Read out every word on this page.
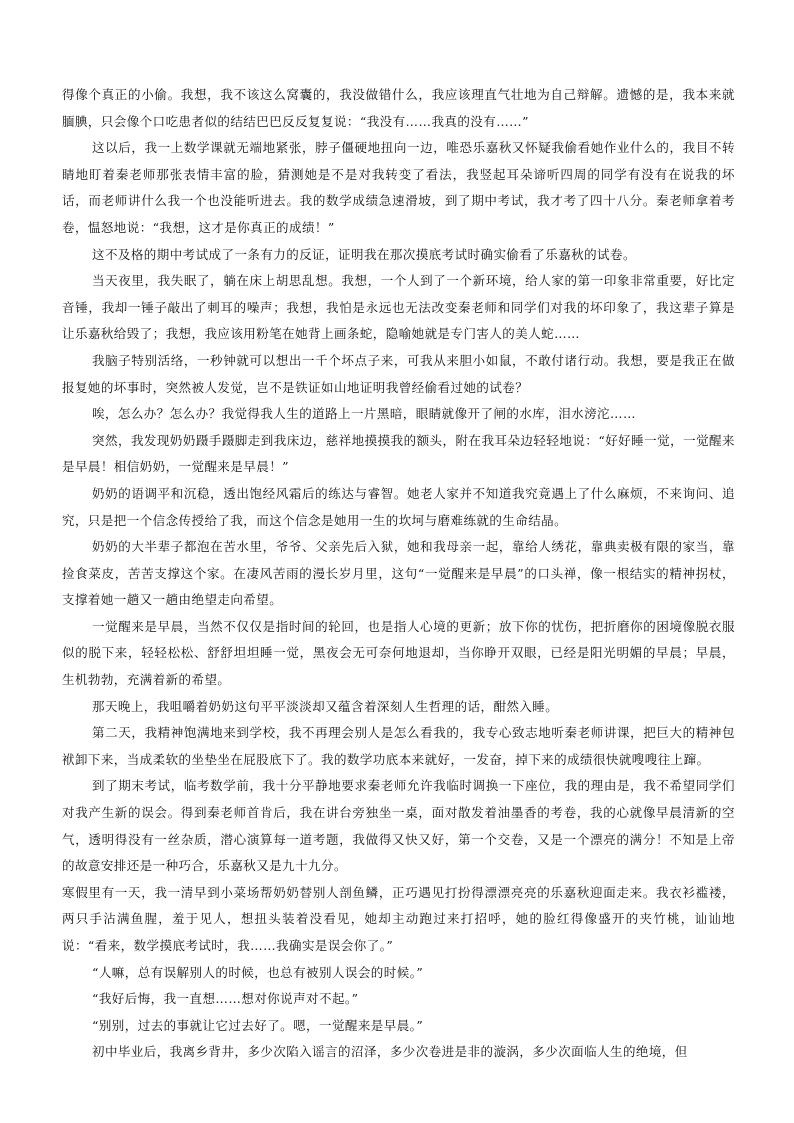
得像个真正的小偷。我想，我不该这么窝囊的，我没做错什么，我应该理直气壮地为自己辩解。遗憾的是，我本来就腼腆，只会像个口吃患者似的结结巴巴反反复复说：“我没有……我真的没有……”

这以后，我一上数学课就无端地紧张，脖子僵硬地扭向一边，唯恐乐嘉秋又怀疑我偷看她作业什么的，我目不转睛地盯着秦老师那张表情丰富的脸，猜测她是不是对我转变了看法，我竖起耳朵谛听四周的同学有没有在说我的坏话，而老师讲什么我一个也没能听进去。我的数学成绩急速滑坡，到了期中考试，我才考了四十八分。秦老师拿着考卷，愠怒地说：“我想，这才是你真正的成绩！”

这不及格的期中考试成了一条有力的反证，证明我在那次摸底考试时确实偷看了乐嘉秋的试卷。

当天夜里，我失眠了，躺在床上胡思乱想。我想，一个人到了一个新环境，给人家的第一印象非常重要，好比定音锤，我却一锤子敲出了刺耳的噪声；我想，我怕是永远也无法改变秦老师和同学们对我的坏印象了，我这辈子算是让乐嘉秋给毁了；我想，我应该用粉笔在她背上画条蛇，隐喻她就是专门害人的美人蛇……

我脑子特别活络，一秒钟就可以想出一千个坏点子来，可我从来胆小如鼠，不敢付诸行动。我想，要是我正在做报复她的坏事时，突然被人发觉，岂不是铁证如山地证明我曾经偷看过她的试卷？

唉，怎么办？怎么办？我觉得我人生的道路上一片黑暗，眼睛就像开了闸的水库，泪水滂沱……

突然，我发现奶奶蹑手蹑脚走到我床边，慈祥地摸摸我的额头，附在我耳朵边轻轻地说：“好好睡一觉，一觉醒来是早晨！相信奶奶，一觉醒来是早晨！”

奶奶的语调平和沉稳，透出饱经风霜后的练达与睿智。她老人家并不知道我究竟遇上了什么麻烦，不来询问、追究，只是把一个信念传授给了我，而这个信念是她用一生的坎坷与磨难练就的生命结晶。

奶奶的大半辈子都泡在苦水里，爷爷、父亲先后入狱，她和我母亲一起，靠给人绣花，靠典卖极有限的家当，靠捡食菜皮，苦苦支撑这个家。在凄风苦雨的漫长岁月里，这句“一觉醒来是早晨”的口头禅，像一根结实的精神拐杖，支撑着她一趟又一趟由绝望走向希望。

一觉醒来是早晨，当然不仅仅是指时间的轮回，也是指人心境的更新；放下你的忧伤，把折磨你的困境像脱衣服似的脱下来，轻轻松松、舒舒坦坦睡一觉，黑夜会无可奈何地退却，当你睁开双眼，已经是阳光明媚的早晨；早晨，生机勃勃，充满着新的希望。

那天晚上，我咀嚼着奶奶这句平平淡淡却又蕴含着深刻人生哲理的话，酣然入睡。

第二天，我精神饱满地来到学校，我不再理会别人是怎么看我的，我专心致志地听秦老师讲课，把巨大的精神包袱卸下来，当成柔软的坐垫坐在屁股底下了。我的数学功底本来就好，一发奋，掉下来的成绩很快就嗖嗖往上蹿。

到了期末考试，临考数学前，我十分平静地要求秦老师允许我临时调换一下座位，我的理由是，我不希望同学们对我产生新的误会。得到秦老师首肯后，我在讲台旁独坐一桌，面对散发着油墨香的考卷，我的心就像早晨清新的空气，透明得没有一丝杂质，潜心演算每一道考题，我做得又快又好，第一个交卷，又是一个漂亮的满分！不知是上帝的故意安排还是一种巧合，乐嘉秋又是九十九分。

寒假里有一天，我一清早到小菜场帮奶奶替别人剖鱼鳞，正巧遇见打扮得漂漂亮亮的乐嘉秋迎面走来。我衣衫褴褛，两只手沾满鱼腥，羞于见人，想扭头装着没看见，她却主动跑过来打招呼，她的脸红得像盛开的夹竹桃，讪讪地说：“看来，数学摸底考试时，我……我确实是误会你了。”

“人嘛，总有误解别人的时候，也总有被别人误会的时候。”

“我好后悔，我一直想……想对你说声对不起。”

“别别，过去的事就让它过去好了。嗯，一觉醒来是早晨。”

初中毕业后，我离乡背井，多少次陷入谣言的沼泽，多少次卷进是非的漩涡，多少次面临人生的绝境，但
